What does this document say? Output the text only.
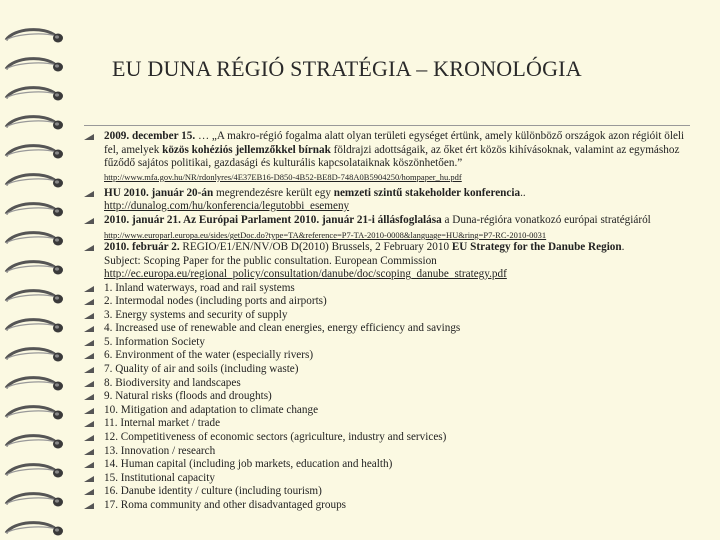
EU DUNA RÉGIÓ STRATÉGIA – KRONOLÓGIA
2009. december 15. … „A makro-régió fogalma alatt olyan területi egységet értünk, amely különböző országok azon régióit öleli fel, amelyek közös kohéziós jellemzőkkel bírnak földrajzi adottságaik, az őket ért közös kihívásoknak, valamint az egymáshoz fűződő sajátos politikai, gazdasági és kulturális kapcsolataiknak köszönhetően.”
http://www.mfa.gov.hu/NR/rdonlyres/4E37EB16-D850-4B52-BE8D-748A0B5904250/hompaper_hu.pdf
HU 2010. január 20-án megrendezésre került egy nemzeti szintű stakeholder konferencia..
http://dunalog.com/hu/konferencia/legutobbi_esemeny
2010. január 21. Az Európai Parlament 2010. január 21-i állásfoglalása a Duna-régióra vonatkozó európai stratégiáról
http://www.europarl.europa.eu/sides/getDoc.do?type=TA&reference=P7-TA-2010-0008&language=HU&ring=P7-RC-2010-0031
2010. február 2. REGIO/E1/EN/NV/OB D(2010) Brussels, 2 February 2010 EU Strategy for the Danube Region.
Subject: Scoping Paper for the public consultation. European Commission
http://ec.europa.eu/regional_policy/consultation/danube/doc/scoping_danube_strategy.pdf
1. Inland waterways, road and rail systems
2. Intermodal nodes (including ports and airports)
3. Energy systems and security of supply
4. Increased use of renewable and clean energies, energy efficiency and savings
5. Information Society
6. Environment of the water (especially rivers)
7. Quality of air and soils (including waste)
8. Biodiversity and landscapes
9. Natural risks (floods and droughts)
10. Mitigation and adaptation to climate change
11. Internal market / trade
12. Competitiveness of economic sectors (agriculture, industry and services)
13. Innovation / research
14. Human capital (including job markets, education and health)
15. Institutional capacity
16. Danube identity / culture (including tourism)
17. Roma community and other disadvantaged groups
